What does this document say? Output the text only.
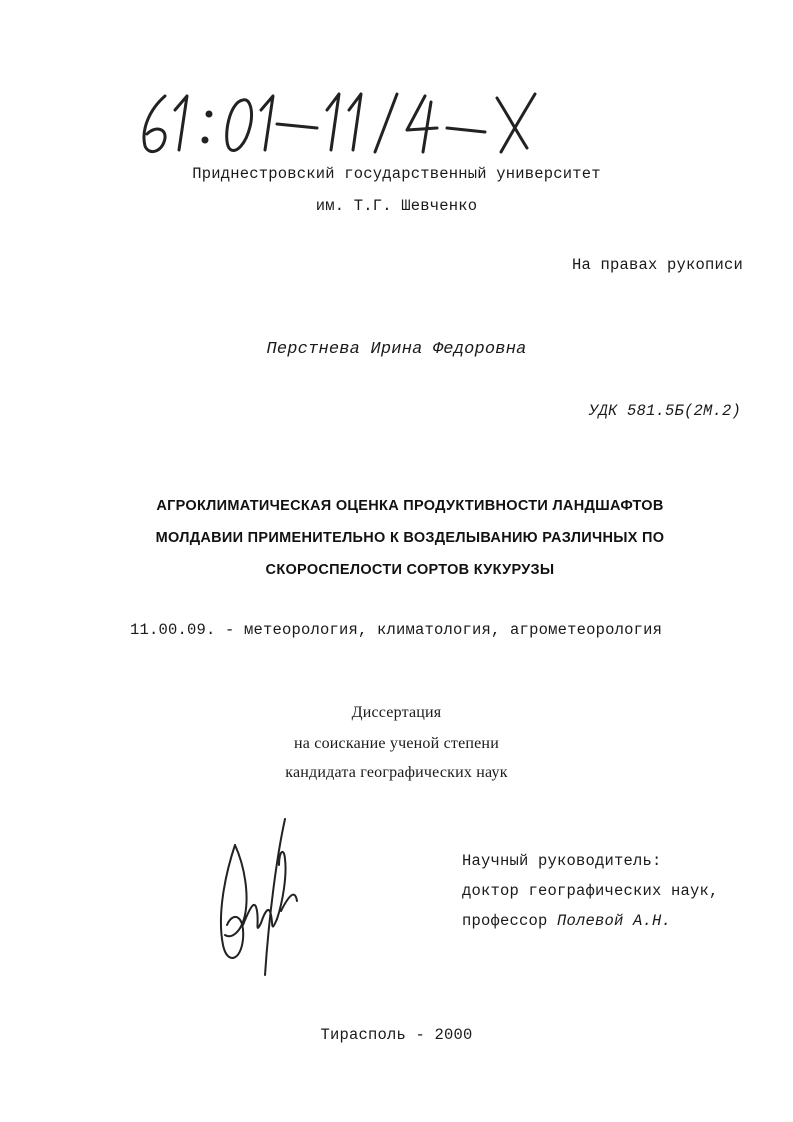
Приднестровский государственный университет
им. Т.Г. Шевченко
На правах рукописи
Перстнева Ирина Федоровна
УДК 581.5Б(2М.2)
АГРОКЛИМАТИЧЕСКАЯ ОЦЕНКА ПРОДУКТИВНОСТИ ЛАНДШАФТОВ
МОЛДАВИИ ПРИМЕНИТЕЛЬНО К ВОЗДЕЛЫВАНИЮ РАЗЛИЧНЫХ ПО
СКОРОСПЕЛОСТИ СОРТОВ КУКУРУЗЫ
11.00.09. - метеорология, климатология, агрометеорология
Диссертация
на соискание ученой степени
кандидата географических наук
Научный руководитель:
доктор географических наук,
профессор Полевой А.Н.
Тирасполь - 2000
